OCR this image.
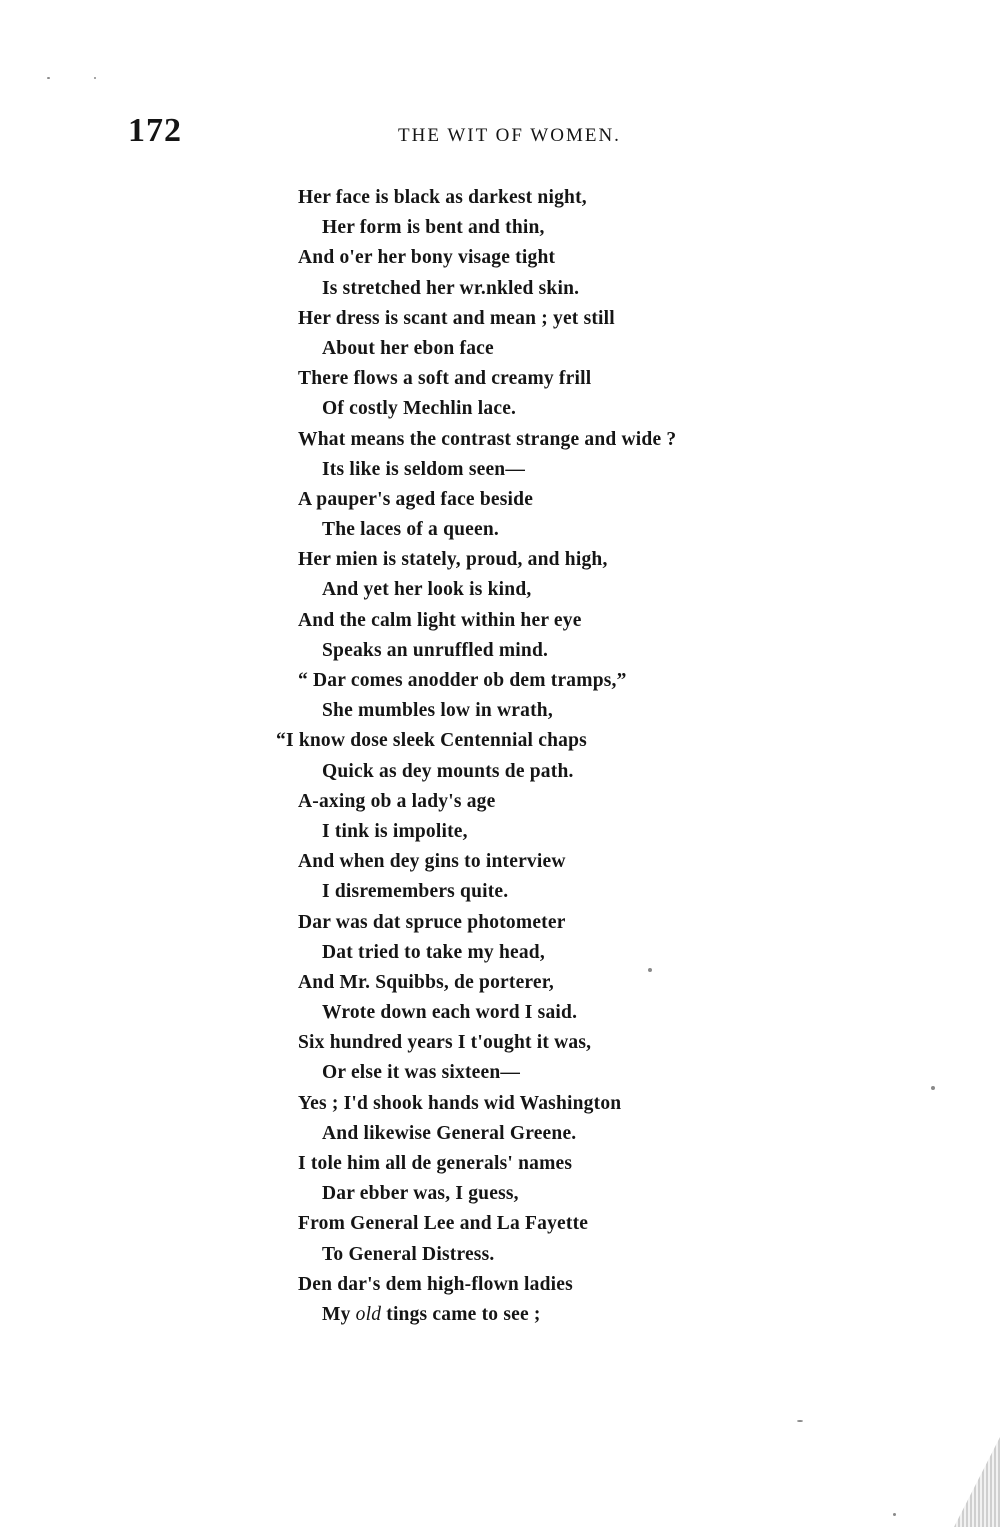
172	THE WIT OF WOMEN.
Her face is black as darkest night,
Her form is bent and thin,
And o'er her bony visage tight
Is stretched her wr.nkled skin.
Her dress is scant and mean ; yet still
About her ebon face
There flows a soft and creamy frill
Of costly Mechlin lace.
What means the contrast strange and wide ?
Its like is seldom seen—
A pauper's aged face beside
The laces of a queen.
Her mien is stately, proud, and high,
And yet her look is kind,
And the calm light within her eye
Speaks an unruffled mind.
“ Dar comes anodder ob dem tramps,”
She mumbles low in wrath,
“I know dose sleek Centennial chaps
Quick as dey mounts de path.
A-axing ob a lady's age
I tink is impolite,
And when dey gins to interview
I disremembers quite.
Dar was dat spruce photometer
Dat tried to take my head,
And Mr. Squibbs, de porterer,
Wrote down each word I said.
Six hundred years I t'ought it was,
Or else it was sixteen—
Yes ; I'd shook hands wid Washington
And likewise General Greene.
I tole him all de generals' names
Dar ebber was, I guess,
From General Lee and La Fayette
To General Distress.
Den dar's dem high-flown ladies
My old tings came to see ;
